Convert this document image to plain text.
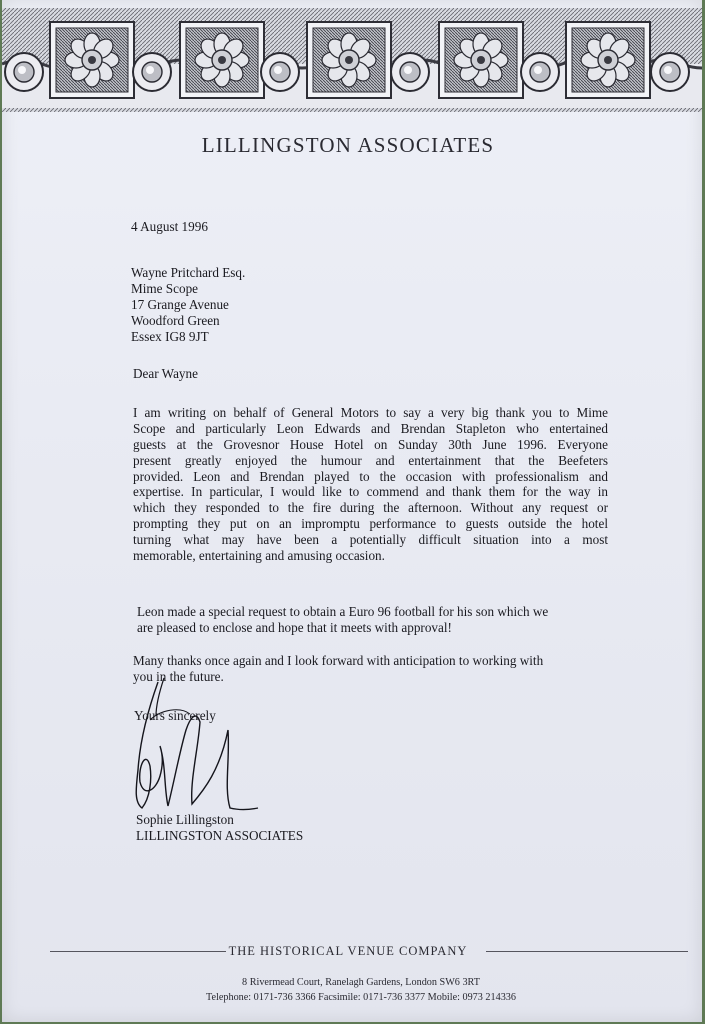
LILLINGSTON ASSOCIATES
4 August 1996
Wayne Pritchard Esq.
Mime Scope
17 Grange Avenue
Woodford Green
Essex IG8 9JT
Dear Wayne
I am writing on behalf of General Motors to say a very big thank you to Mime
Scope and particularly Leon Edwards and Brendan Stapleton who entertained
guests at the Grovesnor House Hotel on Sunday 30th June 1996. Everyone
present greatly enjoyed the humour and entertainment that the Beefeters
provided. Leon and Brendan played to the occasion with professionalism and
expertise. In particular, I would like to commend and thank them for the way in
which they responded to the fire during the afternoon. Without any request or
prompting they put on an impromptu performance to guests outside the hotel
turning what may have been a potentially difficult situation into a most
memorable, entertaining and amusing occasion.
Leon made a special request to obtain a Euro 96 football for his son which we
are pleased to enclose and hope that it meets with approval!
Many thanks once again and I look forward with anticipation to working with
you in the future.
Yours sincerely
Sophie Lillingston
LILLINGSTON ASSOCIATES
THE HISTORICAL VENUE COMPANY
8 Rivermead Court, Ranelagh Gardens, London SW6 3RT
Telephone: 0171-736 3366 Facsimile: 0171-736 3377 Mobile: 0973 214336
